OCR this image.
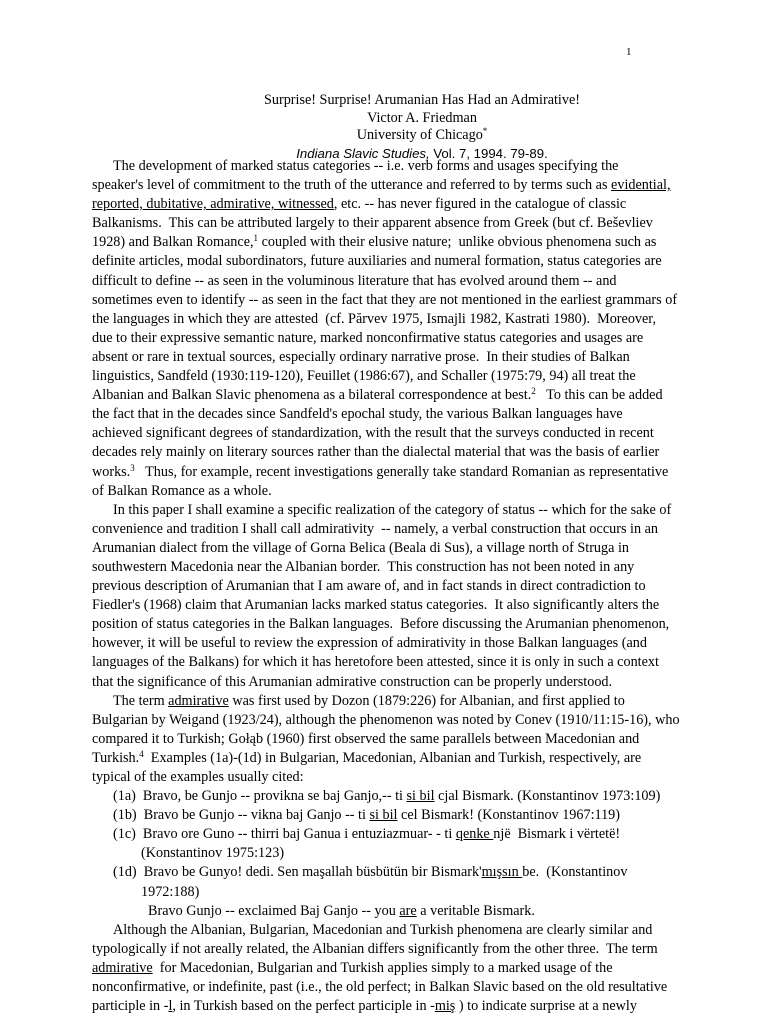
1
Surprise! Surprise! Arumanian Has Had an Admirative!
Victor A. Friedman
University of Chicago*
Indiana Slavic Studies, Vol. 7, 1994. 79-89.
The development of marked status categories -- i.e. verb forms and usages specifying the
speaker's level of commitment to the truth of the utterance and referred to by terms such as evidential,
reported, dubitative, admirative, witnessed, etc. -- has never figured in the catalogue of classic
Balkanisms.  This can be attributed largely to their apparent absence from Greek (but cf. Beševliev
1928) and Balkan Romance,$^1$ coupled with their elusive nature;  unlike obvious phenomena such as
definite articles, modal subordinators, future auxiliaries and numeral formation, status categories are
difficult to define -- as seen in the voluminous literature that has evolved around them -- and
sometimes even to identify -- as seen in the fact that they are not mentioned in the earliest grammars of
the languages in which they are attested  (cf. Părvev 1975, Ismajli 1982, Kastrati 1980).  Moreover,
due to their expressive semantic nature, marked nonconfirmative status categories and usages are
absent or rare in textual sources, especially ordinary narrative prose.  In their studies of Balkan
linguistics, Sandfeld (1930:119-120), Feuillet (1986:67), and Schaller (1975:79, 94) all treat the
Albanian and Balkan Slavic phenomena as a bilateral correspondence at best.$^2$   To this can be added
the fact that in the decades since Sandfeld's epochal study, the various Balkan languages have
achieved significant degrees of standardization, with the result that the surveys conducted in recent
decades rely mainly on literary sources rather than the dialectal material that was the basis of earlier
works.$^3$   Thus, for example, recent investigations generally take standard Romanian as representative
of Balkan Romance as a whole.
In this paper I shall examine a specific realization of the category of status -- which for the sake of
convenience and tradition I shall call admirativity  -- namely, a verbal construction that occurs in an
Arumanian dialect from the village of Gorna Belica (Beala di Sus), a village north of Struga in
southwestern Macedonia near the Albanian border.  This construction has not been noted in any
previous description of Arumanian that I am aware of, and in fact stands in direct contradiction to
Fiedler's (1968) claim that Arumanian lacks marked status categories.  It also significantly alters the
position of status categories in the Balkan languages.  Before discussing the Arumanian phenomenon,
however, it will be useful to review the expression of admirativity in those Balkan languages (and
languages of the Balkans) for which it has heretofore been attested, since it is only in such a context
that the significance of this Arumanian admirative construction can be properly understood.
The term admirative was first used by Dozon (1879:226) for Albanian, and first applied to
Bulgarian by Weigand (1923/24), although the phenomenon was noted by Conev (1910/11:15-16), who
compared it to Turkish; Gołąb (1960) first observed the same parallels between Macedonian and
Turkish.$^4$  Examples (1a)-(1d) in Bulgarian, Macedonian, Albanian and Turkish, respectively, are
typical of the examples usually cited:
(1a)  Bravo, be Gunjo -- provikna se baj Ganjo,-- ti si bil cjal Bismark. (Konstantinov 1973:109)
(1b)  Bravo be Gunjo -- vikna baj Ganjo -- ti si bil cel Bismark! (Konstantinov 1967:119)
(1c)  Bravo ore Guno -- thirri baj Ganua i entuziazmuar- - ti qenke një  Bismark i vërtetë!
(Konstantinov 1975:123)
(1d)  Bravo be Gunyo! dedi. Sen maşallah büsbütün bir Bismark'mışsın be.  (Konstantinov
1972:188)
Bravo Gunjo -- exclaimed Baj Ganjo -- you are a veritable Bismark.
Although the Albanian, Bulgarian, Macedonian and Turkish phenomena are clearly similar and
typologically if not areally related, the Albanian differs significantly from the other three.  The term
admirative  for Macedonian, Bulgarian and Turkish applies simply to a marked usage of the
nonconfirmative, or indefinite, past (i.e., the old perfect; in Balkan Slavic based on the old resultative
participle in -l, in Turkish based on the perfect participle in -miş ) to indicate surprise at a newly
